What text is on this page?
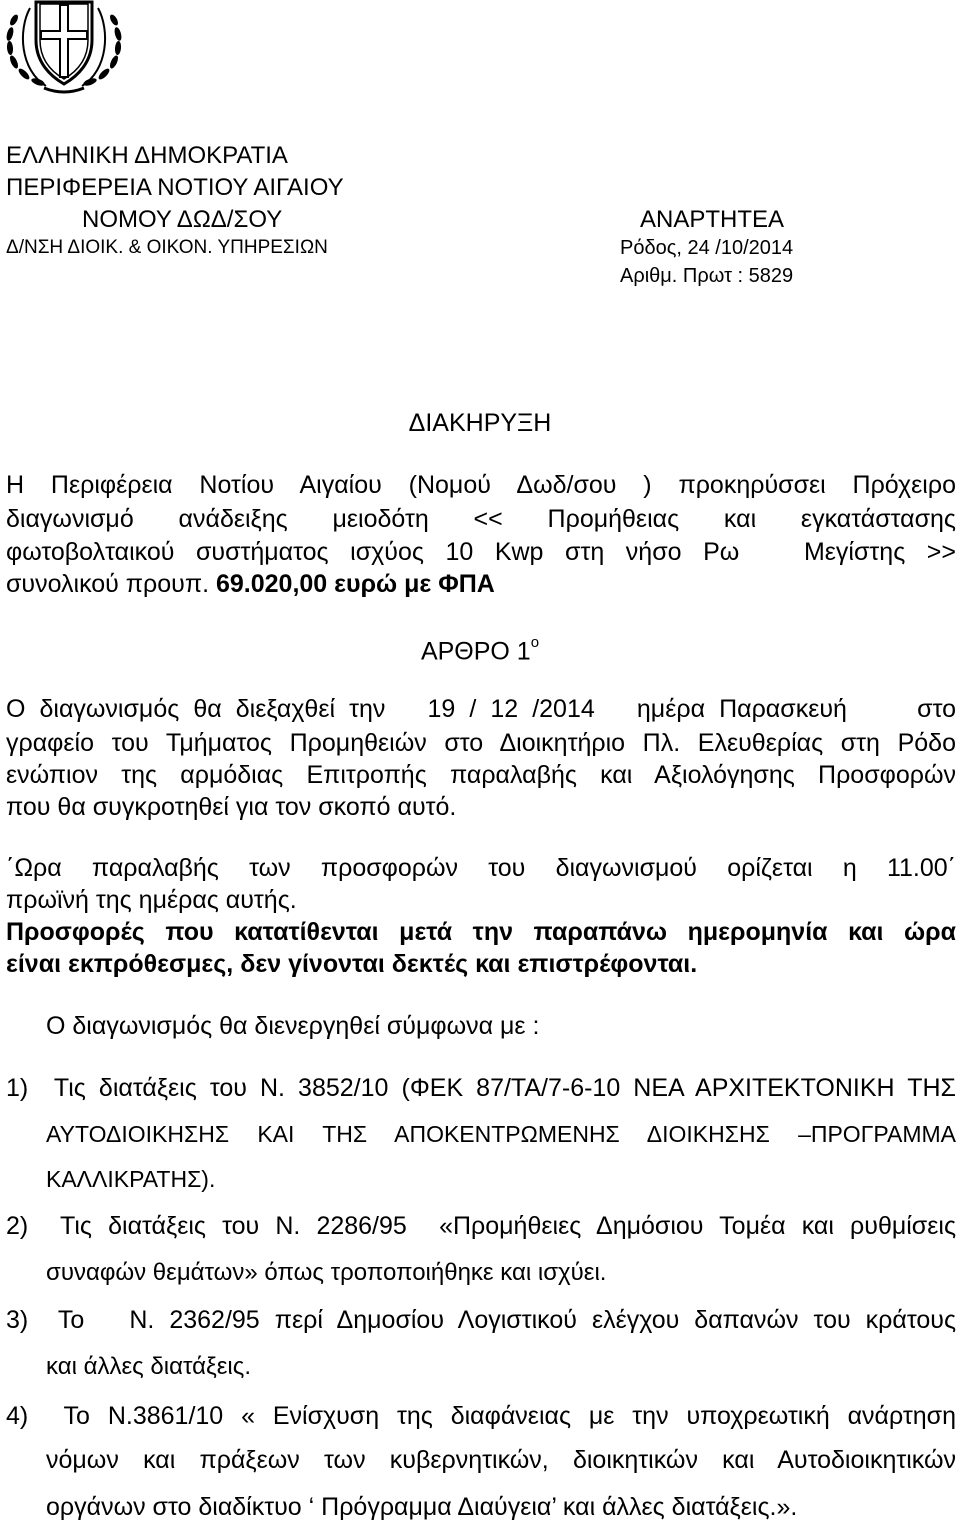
ΕΛΛΗΝΙΚΗ ΔΗΜΟΚΡΑΤΙΑ
ΠΕΡΙΦΕΡΕΙΑ ΝΟΤΙΟΥ ΑΙΓΑΙΟΥ
ΝΟΜΟΥ ΔΩΔ/ΣΟΥ	ΑΝΑΡΤΗΤΕΑ
Δ/ΝΣΗ ΔΙΟΙΚ. & ΟΙΚΟΝ. ΥΠΗΡΕΣΙΩΝ	Ρόδος, 24 /10/2014
Αριθμ. Πρωτ : 5829
ΔΙΑΚΗΡΥΞΗ
Η Περιφέρεια Νοτίου Αιγαίου (Νομού Δωδ/σου ) προκηρύσσει Πρόχειρο
διαγωνισμό ανάδειξης μειοδότη << Προμήθειας και εγκατάστασης
φωτοβολταικού συστήματος ισχύος 10 Kwp στη νήσο Ρω   Μεγίστης >>
συνολικού προυπ. 69.020,00 ευρώ με ΦΠΑ
ΑΡΘΡΟ $1^o$
Ο διαγωνισμός θα διεξαχθεί την   19 / 12 /2014   ημέρα Παρασκευή     στο
γραφείο του Τμήματος Προμηθειών στο Διοικητήριο Πλ. Ελευθερίας στη Ρόδο
ενώπιον της αρμόδιας Επιτροπής παραλαβής και Αξιολόγησης Προσφορών
που θα συγκροτηθεί για τον σκοπό αυτό.
΄Ωρα παραλαβής των προσφορών του διαγωνισμού ορίζεται η 11.00΄
πρωϊνή της ημέρας αυτής.
Προσφορές που κατατίθενται μετά την παραπάνω ημερομηνία και ώρα
είναι εκπρόθεσμες, δεν γίνονται δεκτές και επιστρέφονται.
Ο διαγωνισμός θα διενεργηθεί σύμφωνα με :
1)  Τις διατάξεις του Ν. 3852/10 (ΦΕΚ 87/ΤΑ/7-6-10 ΝΕΑ ΑΡΧΙΤΕΚΤΟΝΙΚΗ ΤΗΣ
ΑΥΤΟΔΙΟΙΚΗΣΗΣ ΚΑΙ ΤΗΣ ΑΠΟΚΕΝΤΡΩΜΕΝΗΣ ΔΙΟΙΚΗΣΗΣ –ΠΡΟΓΡΑΜΜΑ
ΚΑΛΛΙΚΡΑΤΗΣ).
2)  Τις διατάξεις του Ν. 2286/95  «Προμήθειες Δημόσιου Τομέα και ρυθμίσεις
συναφών θεμάτων» όπως τροποποιήθηκε και ισχύει.
3)  Το   Ν. 2362/95 περί Δημοσίου Λογιστικού ελέγχου δαπανών του κράτους
και άλλες διατάξεις.
4)  Το Ν.3861/10 « Ενίσχυση της διαφάνειας με την υποχρεωτική ανάρτηση
νόμων και πράξεων των κυβερνητικών, διοικητικών και Αυτοδιοικητικών
οργάνων στο διαδίκτυο ‘ Πρόγραμμα Διαύγεια’ και άλλες διατάξεις.».
